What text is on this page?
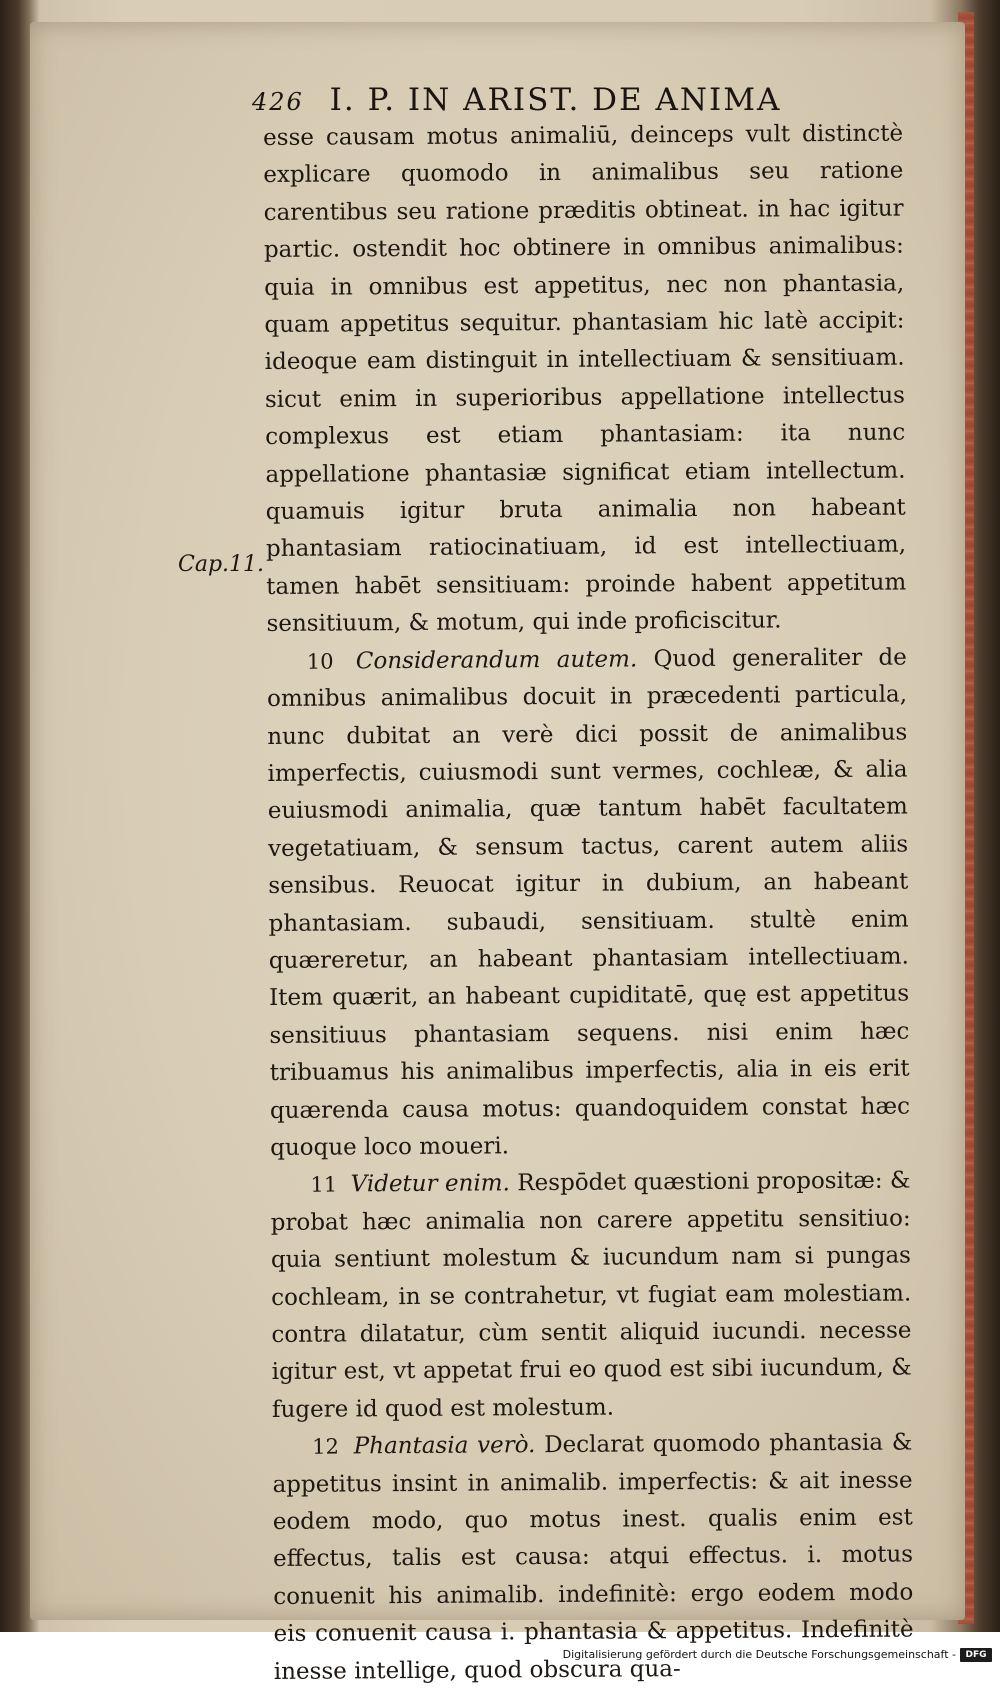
426 I. P. IN ARIST. DE ANIMA
Cap.11.

esse causam motus animaliū, deinceps vult distinctè explicare quomodo in animalibus seu ratione carentibus seu ratione præditis obtineat. in hac igitur partic. ostendit hoc obtinere in omnibus animalibus: quia in omnibus est appetitus, nec non phantasia, quam appetitus sequitur. phantasiam hic latè accipit: ideoque eam distinguit in intellectiuam & sensitiuam. sicut enim in superioribus appellatione intellectus complexus est etiam phantasiam: ita nunc appellatione phantasiæ significat etiam intellectum. quamuis igitur bruta animalia non habeant phantasiam ratiocinatiuam, id est intellectiuam, tamen habēt sensitiuam: proinde habent appetitum sensitiuum, & motum, qui inde proficiscitur.

10 Considerandum autem. Quod generaliter de omnibus animalibus docuit in præcedenti particula, nunc dubitat an verè dici possit de animalibus imperfectis, cuiusmodi sunt vermes, cochleæ, & alia euiusmodi animalia, quæ tantum habēt facultatem vegetatiuam, & sensum tactus, carent autem aliis sensibus. Reuocat igitur in dubium, an habeant phantasiam. subaudi, sensitiuam. stultè enim quæreretur, an habeant phantasiam intellectiuam. Item quærit, an habeant cupiditatē, quę est appetitus sensitiuus phantasiam sequens. nisi enim hæc tribuamus his animalibus imperfectis, alia in eis erit quærenda causa motus: quandoquidem constat hæc quoque loco moueri.

11 Videtur enim. Respōdet quæstioni propositæ: & probat hæc animalia non carere appetitu sensitiuo: quia sentiunt molestum & iucundum nam si pungas cochleam, in se contrahetur, vt fugiat eam molestiam. contra dilatatur, cùm sentit aliquid iucundi. necesse igitur est, vt appetat frui eo quod est sibi iucundum, & fugere id quod est molestum.

12 Phantasia verò. Declarat quomodo phantasia & appetitus insint in animalib. imperfectis: & ait inesse eodem modo, quo motus inest. qualis enim est effectus, talis est causa: atqui effectus. i. motus conuenit his animalib. indefinitè: ergo eodem modo eis conuenit causa i. phantasia & appetitus. Indefinitè inesse intellige, quod obscura qua-

Digitalisierung gefördert durch die Deutsche Forschungsgemeinschaft -	DFG
